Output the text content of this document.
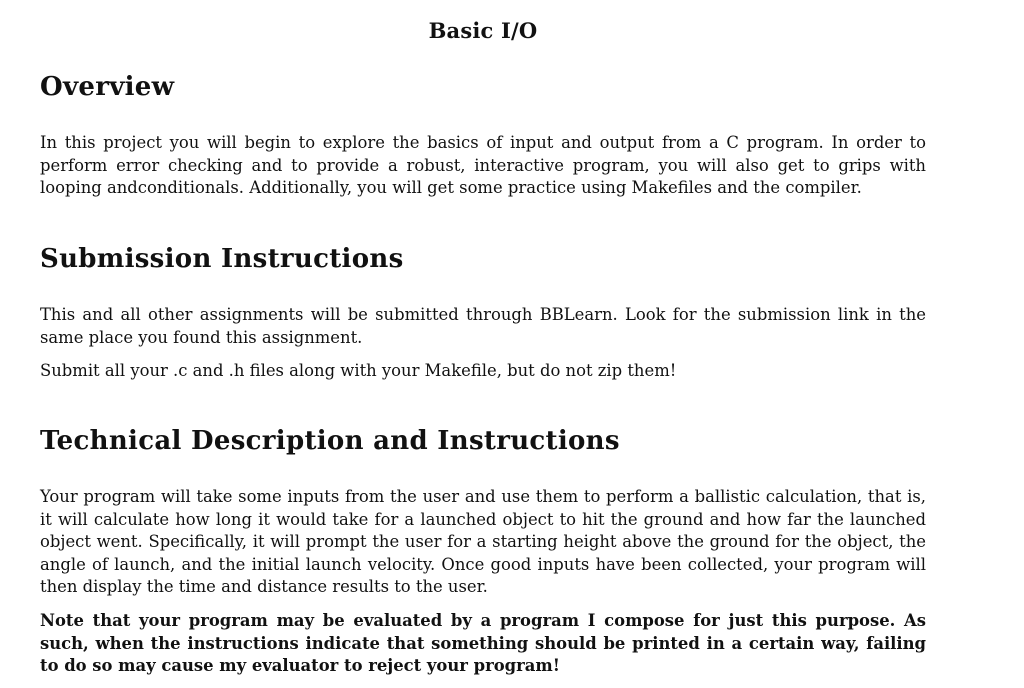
Basic I/O
Overview

In this project you will begin to explore the basics of input and output from a C program. In order to perform error checking and to provide a robust, interactive program, you will also get to grips with looping andconditionals. Additionally, you will get some practice using Makefiles and the compiler.

Submission Instructions

This and all other assignments will be submitted through BBLearn. Look for the submission link in the same place you found this assignment.

Submit all your .c and .h files along with your Makefile, but do not zip them!

Technical Description and Instructions

Your program will take some inputs from the user and use them to perform a ballistic calculation, that is, it will calculate how long it would take for a launched object to hit the ground and how far the launched object went. Specifically, it will prompt the user for a starting height above the ground for the object, the angle of launch, and the initial launch velocity. Once good inputs have been collected, your program will then display the time and distance results to the user.

Note that your program may be evaluated by a program I compose for just this purpose. As such, when the instructions indicate that something should be printed in a certain way, failing to do so may cause my evaluator to reject your program!
